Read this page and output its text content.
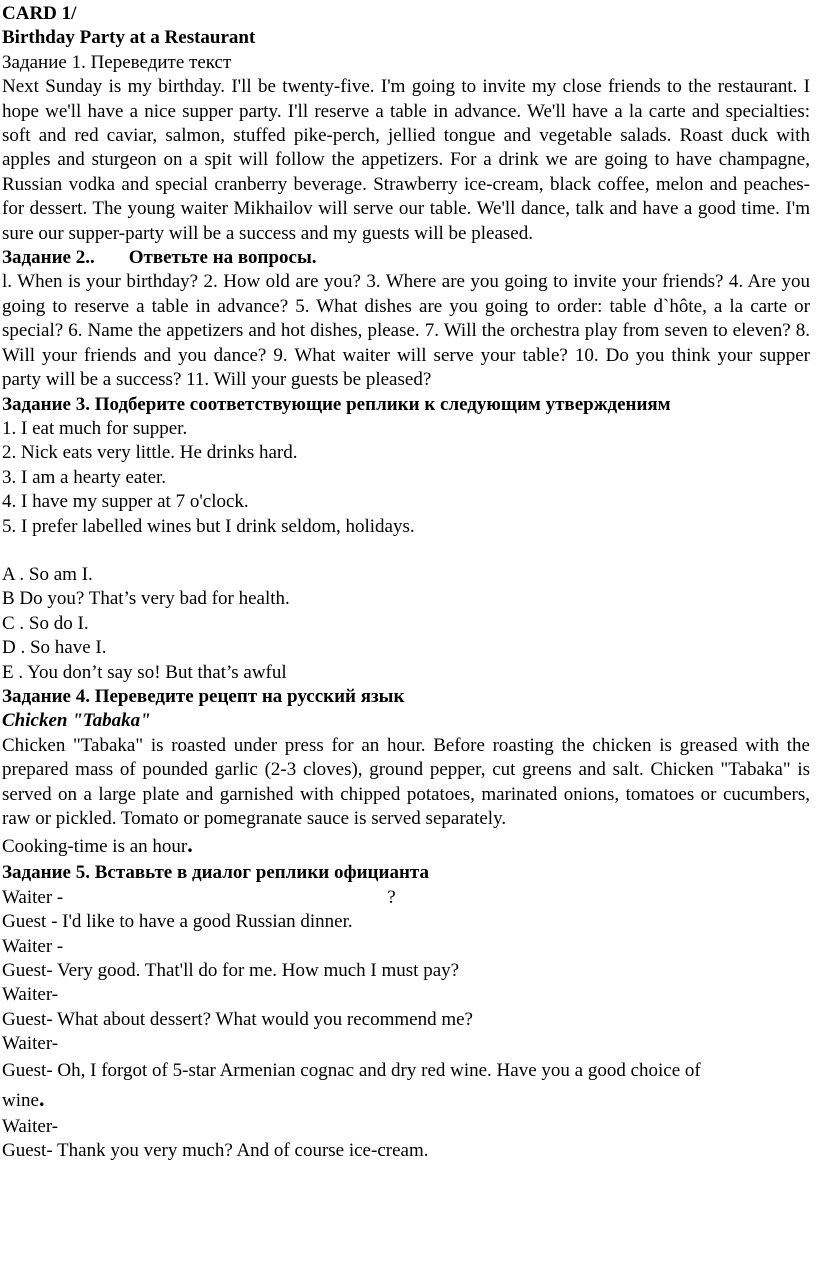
CARD 1/
Birthday Party at a Restaurant
Задание 1. Переведите текст
Next Sunday is my birthday. I'll be twenty-five. I'm going to invite my close friends to the restaurant. I hope we'll have a nice supper party. I'll reserve a table in advance. We'll have a la carte and specialties: soft and red caviar, salmon, stuffed pike-perch, jellied tongue and vegetable salads. Roast duck with apples and sturgeon on a spit will follow the appetizers. For a drink we are going to have champagne, Russian vodka and special cranberry beverage. Strawberry ice-cream, black coffee, melon and peaches-for dessert. The young waiter Mikhailov will serve our table. We'll dance, talk and have a good time. I'm sure our supper-party will be a success and my guests will be pleased.
Задание 2.. Ответьте на вопросы.
l. When is your birthday? 2. How old are you? 3. Where are you going to invite your friends? 4. Are you going to reserve a table in advance? 5. What dishes are you going to order: table d`hôte, a la carte or special? 6. Name the appetizers and hot dishes, please. 7. Will the orchestra play from seven to eleven? 8. Will your friends and you dance? 9. What waiter will serve your table? 10. Do you think your supper party will be a success? 11. Will your guests be pleased?
Задание 3. Подберите соответствующие реплики к следующим утверждениям
1. I eat much for supper.
2. Nick eats very little. He drinks hard.
3. I am a hearty eater.
4. I have my supper at 7 o'clock.
5. I prefer labelled wines but I drink seldom, holidays.
A . So am I.
B Do you? That’s very bad for health.
C . So do I.
D . So have I.
E . You don’t say so! But that’s awful
Задание 4. Переведите рецепт на русский язык
Chicken "Tabaka"
Chicken "Tabaka" is roasted under press for an hour. Before roasting the chicken is greased with the prepared mass of pounded garlic (2-3 cloves), ground pepper, cut greens and salt. Chicken "Tabaka" is served on a large plate and garnished with chipped potatoes, marinated onions, tomatoes or cucumbers, raw or pickled. Tomato or pomegranate sauce is served separately.
Cooking-time is an hour.
Задание 5. Вставьте в диалог реплики официанта
Waiter -	?
Guest - I'd like to have a good Russian dinner.
Waiter -
Guest- Very good. That'll do for me. How much I must pay?
Waiter-
Guest- What about dessert? What would you recommend me?
Waiter-
Guest- Oh, I forgot of 5-star Armenian cognac and dry red wine. Have you a good choice of
wine.
Waiter-
Guest- Thank you very much? And of course ice-cream.
